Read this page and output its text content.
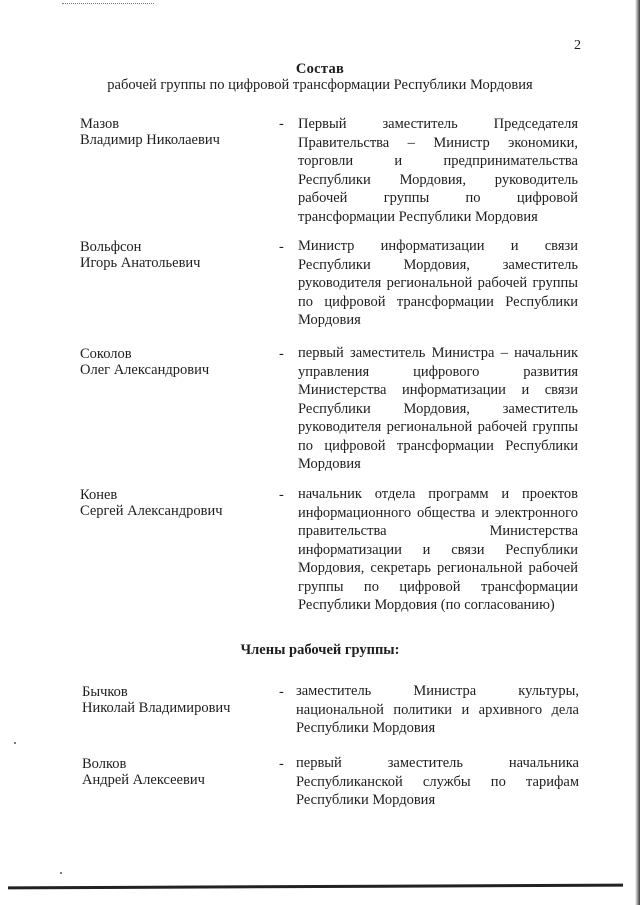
2
Состав
рабочей группы по цифровой трансформации Республики Мордовия
Мазов
Владимир Николаевич
- Первый заместитель Председателя Правительства – Министр экономики, торговли и предпринимательства Республики Мордовия, руководитель рабочей группы по цифровой трансформации Республики Мордовия
Вольфсон
Игорь Анатольевич
- Министр информатизации и связи Республики Мордовия, заместитель руководителя региональной рабочей группы по цифровой трансформации Республики Мордовия
Соколов
Олег Александрович
- первый заместитель Министра – начальник управления цифрового развития Министерства информатизации и связи Республики Мордовия, заместитель руководителя региональной рабочей группы по цифровой трансформации Республики Мордовия
Конев
Сергей Александрович
- начальник отдела программ и проектов информационного общества и электронного правительства Министерства информатизации и связи Республики Мордовия, секретарь региональной рабочей группы по цифровой трансформации Республики Мордовия (по согласованию)
Члены рабочей группы:
Бычков
Николай Владимирович
- заместитель Министра культуры, национальной политики и архивного дела Республики Мордовия
Волков
Андрей Алексеевич
- первый заместитель начальника Республиканской службы по тарифам Республики Мордовия
